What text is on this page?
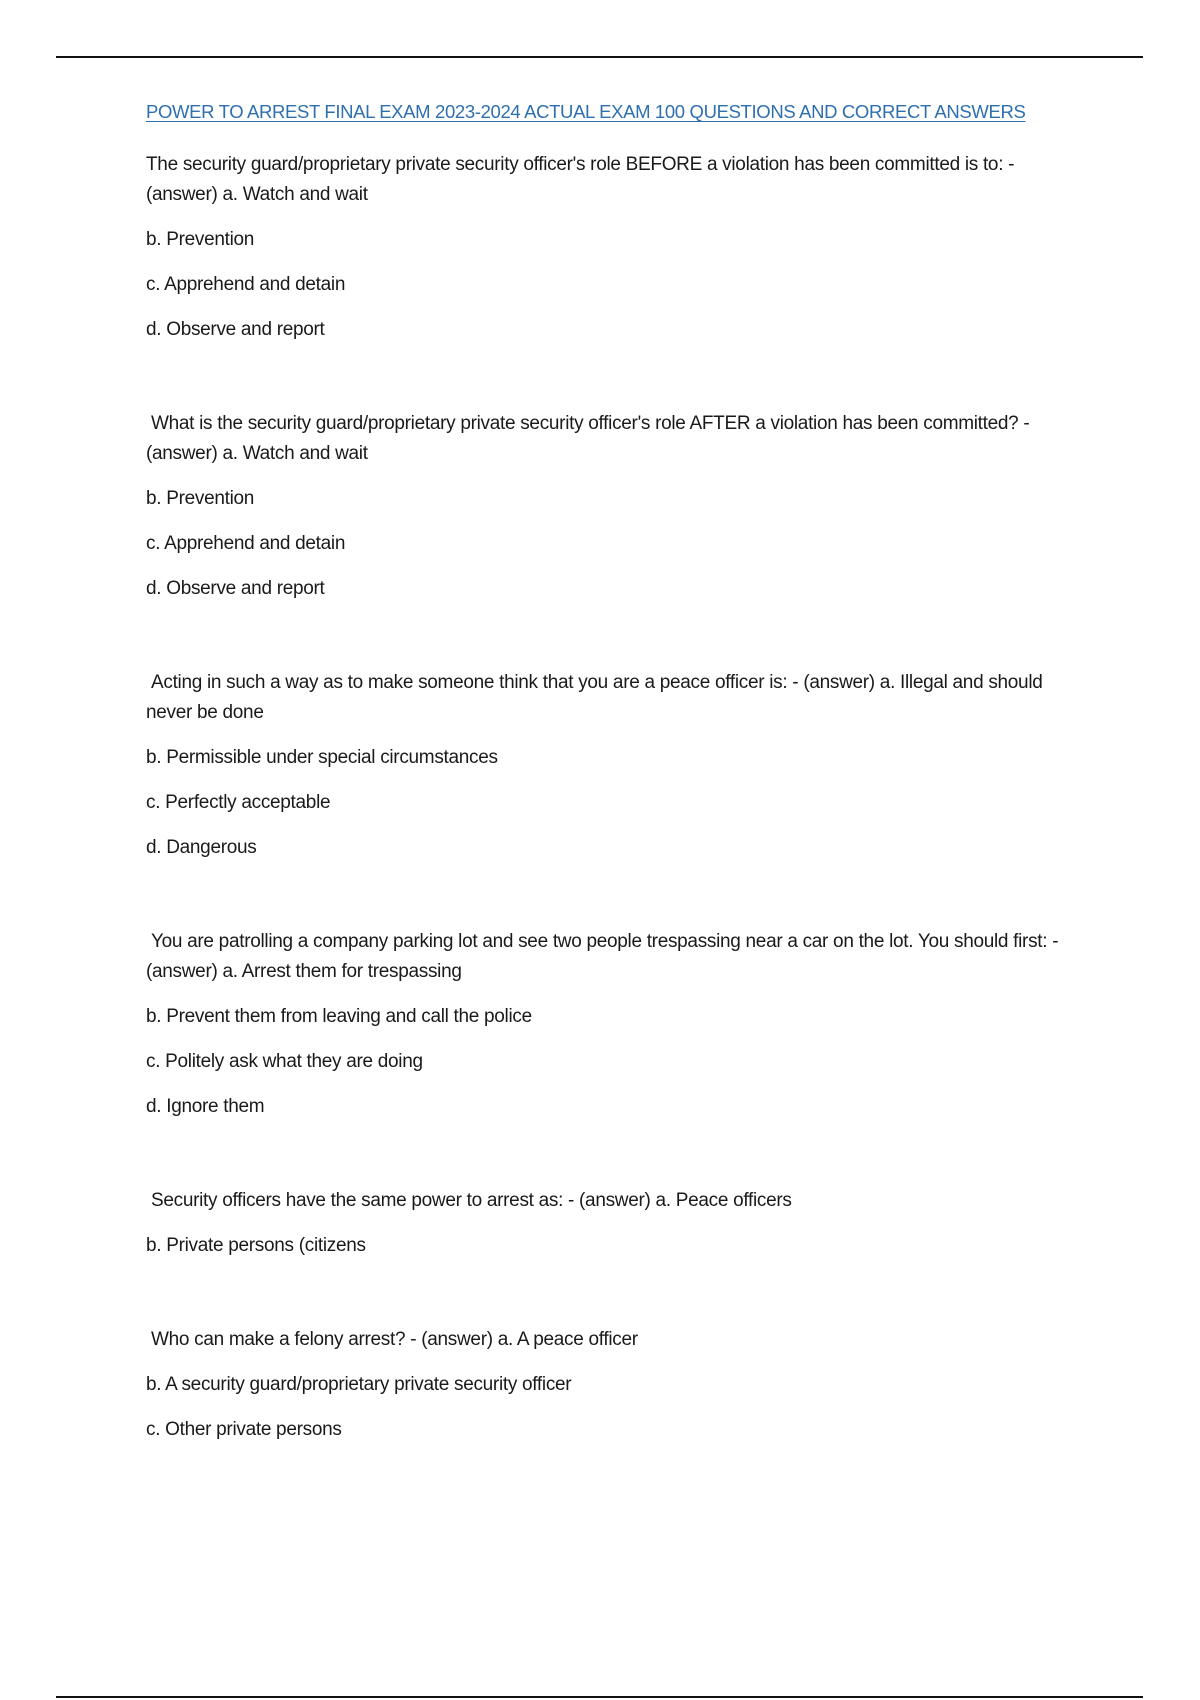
POWER TO ARREST FINAL EXAM 2023-2024 ACTUAL EXAM 100 QUESTIONS AND CORRECT ANSWERS

The security guard/proprietary private security officer's role BEFORE a violation has been committed is to: - (answer) a. Watch and wait

b. Prevention

c. Apprehend and detain

d. Observe and report

What is the security guard/proprietary private security officer's role AFTER a violation has been committed? - (answer) a. Watch and wait

b. Prevention

c. Apprehend and detain

d. Observe and report

Acting in such a way as to make someone think that you are a peace officer is: - (answer) a. Illegal and should never be done

b. Permissible under special circumstances

c. Perfectly acceptable

d. Dangerous

You are patrolling a company parking lot and see two people trespassing near a car on the lot. You should first: - (answer) a. Arrest them for trespassing

b. Prevent them from leaving and call the police

c. Politely ask what they are doing

d. Ignore them

Security officers have the same power to arrest as: - (answer) a. Peace officers

b. Private persons (citizens

Who can make a felony arrest? - (answer) a. A peace officer

b. A security guard/proprietary private security officer

c. Other private persons
